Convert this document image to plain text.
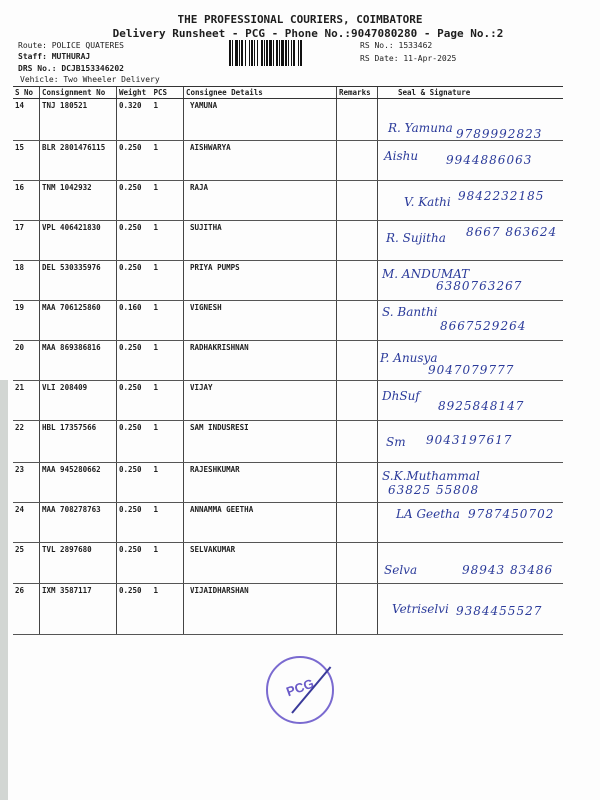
THE PROFESSIONAL COURIERS, COIMBATORE
Delivery Runsheet - PCG - Phone No.:9047080280 - Page No.:2
Route: POLICE QUATERES
Staff: MUTHURAJ
DRS No.: DCJB153346202
Vehicle: Two Wheeler Delivery
RS No.: 1533462
RS Date: 11-Apr-2025
S No	Consignment No	Weight PCS	Consignee Details	Remarks	Seal & Signature
14	TNJ 180521	0.320 1	YAMUNA		R. Yamuna 9789992823

15	BLR 2801476115	0.250 1	AISHWARYA		Aishu 9944886063

16	TNM 1042932	0.250 1	RAJA		V. Kathi 9842232185

17	VPL 406421830	0.250 1	SUJITHA		R. Sujitha 8667 863624

18	DEL 530335976	0.250 1	PRIYA PUMPS		M. ANDUMAT
6380763267

19	MAA 706125860	0.160 1	VIGNESH		S. Banthi
8667529264

20	MAA 869386816	0.250 1	RADHAKRISHNAN		P. Anusya
9047079777

21	VLI 208409	0.250 1	VIJAY		DhSuf
8925848147

22	HBL 17357566	0.250 1	SAM INDUSRESI		Sm 9043197617

23	MAA 945280662	0.250 1	RAJESHKUMAR		S.K.Muthammal
63825 55808

24	MAA 708278763	0.250 1	ANNAMMA GEETHA		LA Geetha 9787450702

25	TVL 2897680	0.250 1	SELVAKUMAR		Selva 98943 83486

26	IXM 3587117	0.250 1	VIJAIDHARSHAN		Vetriselvi 9384455527
PCG
